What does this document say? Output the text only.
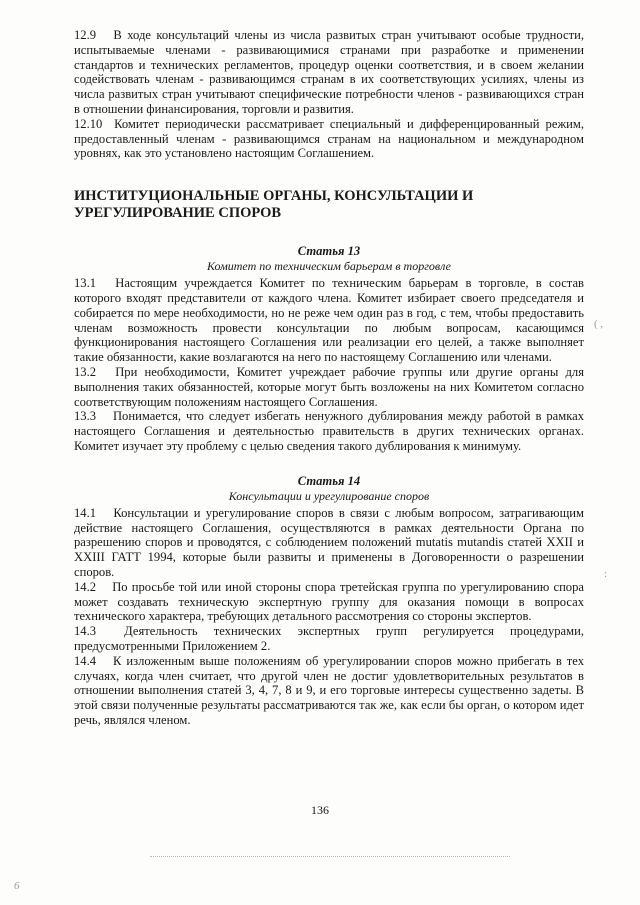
12.9 В ходе консультаций члены из числа развитых стран учитывают особые трудности, испытываемые членами - развивающимися странами при разработке и применении стандартов и технических регламентов, процедур оценки соответствия, и в своем желании содействовать членам - развивающимся странам в их соответствующих усилиях, члены из числа развитых стран учитывают специфические потребности членов - развивающихся стран в отношении финансирования, торговли и развития.

12.10 Комитет периодически рассматривает специальный и дифференцированный режим, предоставленный членам - развивающимся странам на национальном и международном уровнях, как это установлено настоящим Соглашением.

ИНСТИТУЦИОНАЛЬНЫЕ ОРГАНЫ, КОНСУЛЬТАЦИИ И УРЕГУЛИРОВАНИЕ СПОРОВ

Статья 13

Комитет по техническим барьерам в торговле

13.1 Настоящим учреждается Комитет по техническим барьерам в торговле, в состав которого входят представители от каждого члена. Комитет избирает своего председателя и собирается по мере необходимости, но не реже чем один раз в год, с тем, чтобы предоставить членам возможность провести консультации по любым вопросам, касающимся функционирования настоящего Соглашения или реализации его целей, а также выполняет такие обязанности, какие возлагаются на него по настоящему Соглашению или членами.

13.2 При необходимости, Комитет учреждает рабочие группы или другие органы для выполнения таких обязанностей, которые могут быть возложены на них Комитетом согласно соответствующим положениям настоящего Соглашения.

13.3 Понимается, что следует избегать ненужного дублирования между работой в рамках настоящего Соглашения и деятельностью правительств в других технических органах. Комитет изучает эту проблему с целью сведения такого дублирования к минимуму.

Статья 14

Консультации и урегулирование споров

14.1 Консультации и урегулирование споров в связи с любым вопросом, затрагивающим действие настоящего Соглашения, осуществляются в рамках деятельности Органа по разрешению споров и проводятся, с соблюдением положений mutatis mutandis статей XXII и XXIII ГАТТ 1994, которые были развиты и применены в Договоренности о разрешении споров.

14.2 По просьбе той или иной стороны спора третейская группа по урегулированию спора может создавать техническую экспертную группу для оказания помощи в вопросах технического характера, требующих детального рассмотрения со стороны экспертов.

14.3 Деятельность технических экспертных групп регулируется процедурами, предусмотренными Приложением 2.

14.4 К изложенным выше положениям об урегулировании споров можно прибегать в тех случаях, когда член считает, что другой член не достиг удовлетворительных результатов в отношении выполнения статей 3, 4, 7, 8 и 9, и его торговые интересы существенно задеты. В этой связи полученные результаты рассматриваются так же, как если бы орган, о котором идет речь, являлся членом.

136
( ,
:
6
